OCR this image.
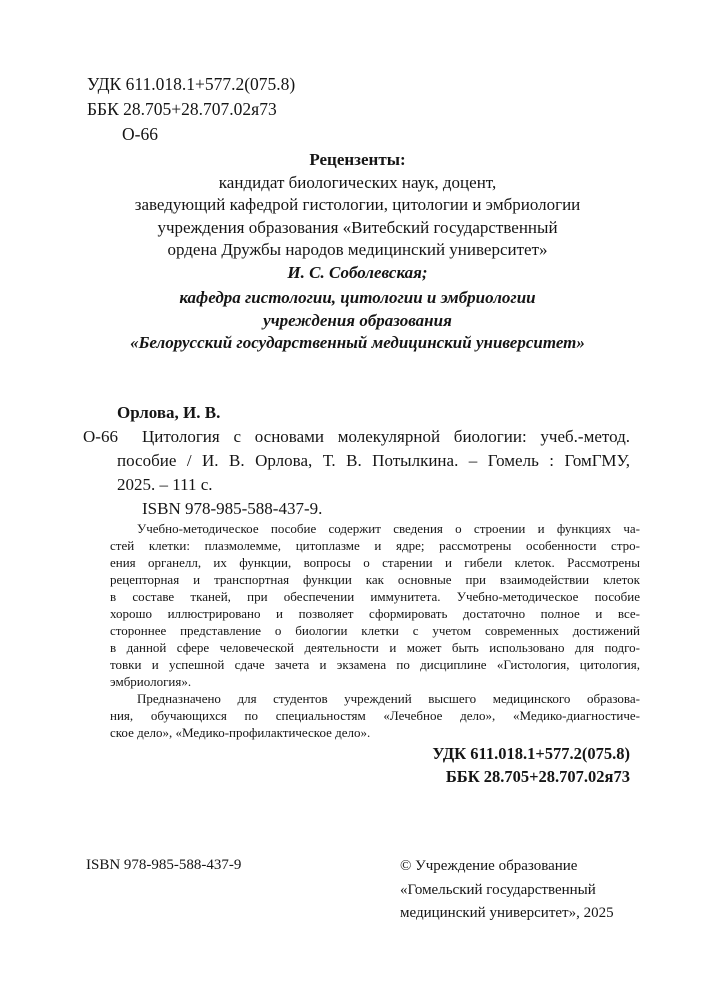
УДК 611.018.1+577.2(075.8)
ББК 28.705+28.707.02я73
О-66
Рецензенты:
кандидат биологических наук, доцент,
заведующий кафедрой гистологии, цитологии и эмбриологии
учреждения образования «Витебский государственный
ордена Дружбы народов медицинский университет»
И. С. Соболевская;
кафедра гистологии, цитологии и эмбриологии
учреждения образования
«Белорусский государственный медицинский университет»
О-66
Орлова, И. В.
Цитология с основами молекулярной биологии: учеб.-метод.
пособие / И. В. Орлова, Т. В. Потылкина. – Гомель : ГомГМУ,
2025. – 111 с.
ISBN 978-985-588-437-9.
Учебно-методическое пособие содержит сведения о строении и функциях ча-
стей клетки: плазмолемме, цитоплазме и ядре; рассмотрены особенности стро-
ения органелл, их функции, вопросы о старении и гибели клеток. Рассмотрены
рецепторная и транспортная функции как основные при взаимодействии клеток
в составе тканей, при обеспечении иммунитета. Учебно-методическое пособие
хорошо иллюстрировано и позволяет сформировать достаточно полное и все-
стороннее представление о биологии клетки с учетом современных достижений
в данной сфере человеческой деятельности и может быть использовано для подго-
товки и успешной сдаче зачета и экзамена по дисциплине «Гистология, цитология,
эмбриология».
Предназначено для студентов учреждений высшего медицинского образова-
ния, обучающихся по специальностям «Лечебное дело», «Медико-диагностиче-
ское дело», «Медико-профилактическое дело».
УДК 611.018.1+577.2(075.8)
ББК 28.705+28.707.02я73
ISBN 978-985-588-437-9	© Учреждение образование
«Гомельский государственный
медицинский университет», 2025
